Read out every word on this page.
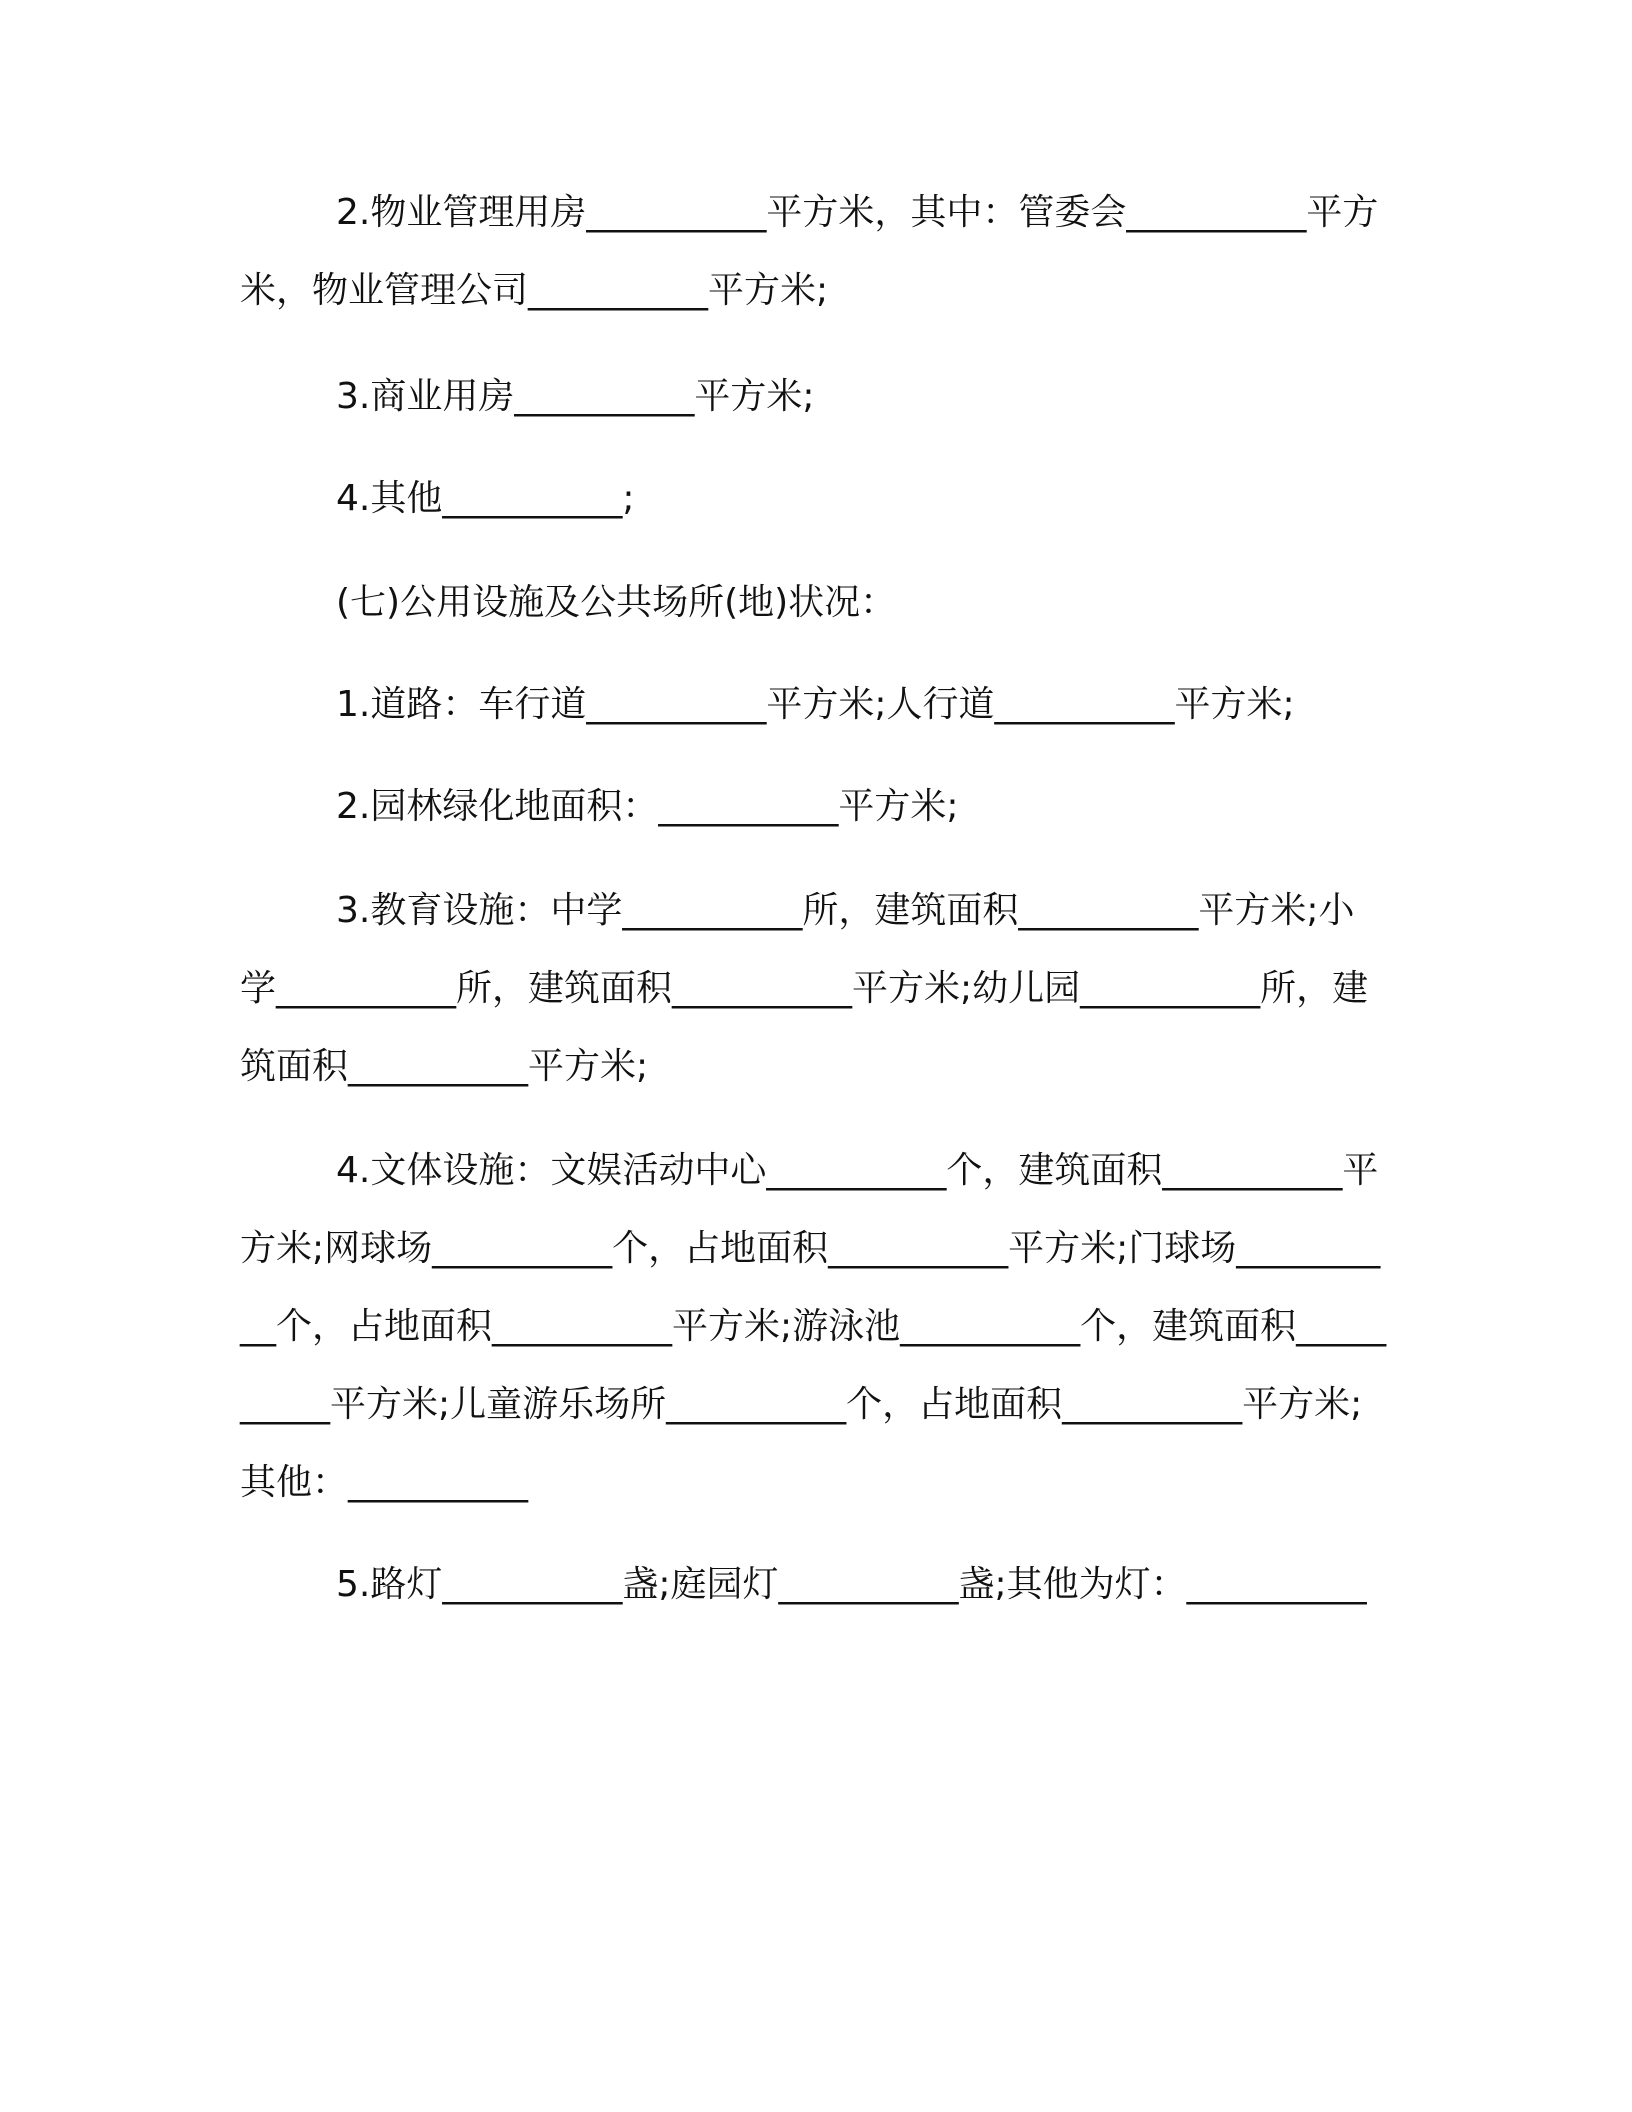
2.物业管理用房__________平方米，其中：管委会__________平方米，物业管理公司__________平方米;

3.商业用房__________平方米;

4.其他__________;

(七)公用设施及公共场所(地)状况：

1.道路：车行道__________平方米;人行道__________平方米;

2.园林绿化地面积：__________平方米;

3.教育设施：中学__________所，建筑面积__________平方米;小学__________所，建筑面积__________平方米;幼儿园__________所，建筑面积__________平方米;

4.文体设施：文娱活动中心__________个，建筑面积__________平方米;网球场__________个，占地面积__________平方米;门球场__________个，占地面积__________平方米;游泳池__________个，建筑面积__________平方米;儿童游乐场所__________个，占地面积__________平方米;其他：__________

5.路灯__________盏;庭园灯__________盏;其他为灯：__________
